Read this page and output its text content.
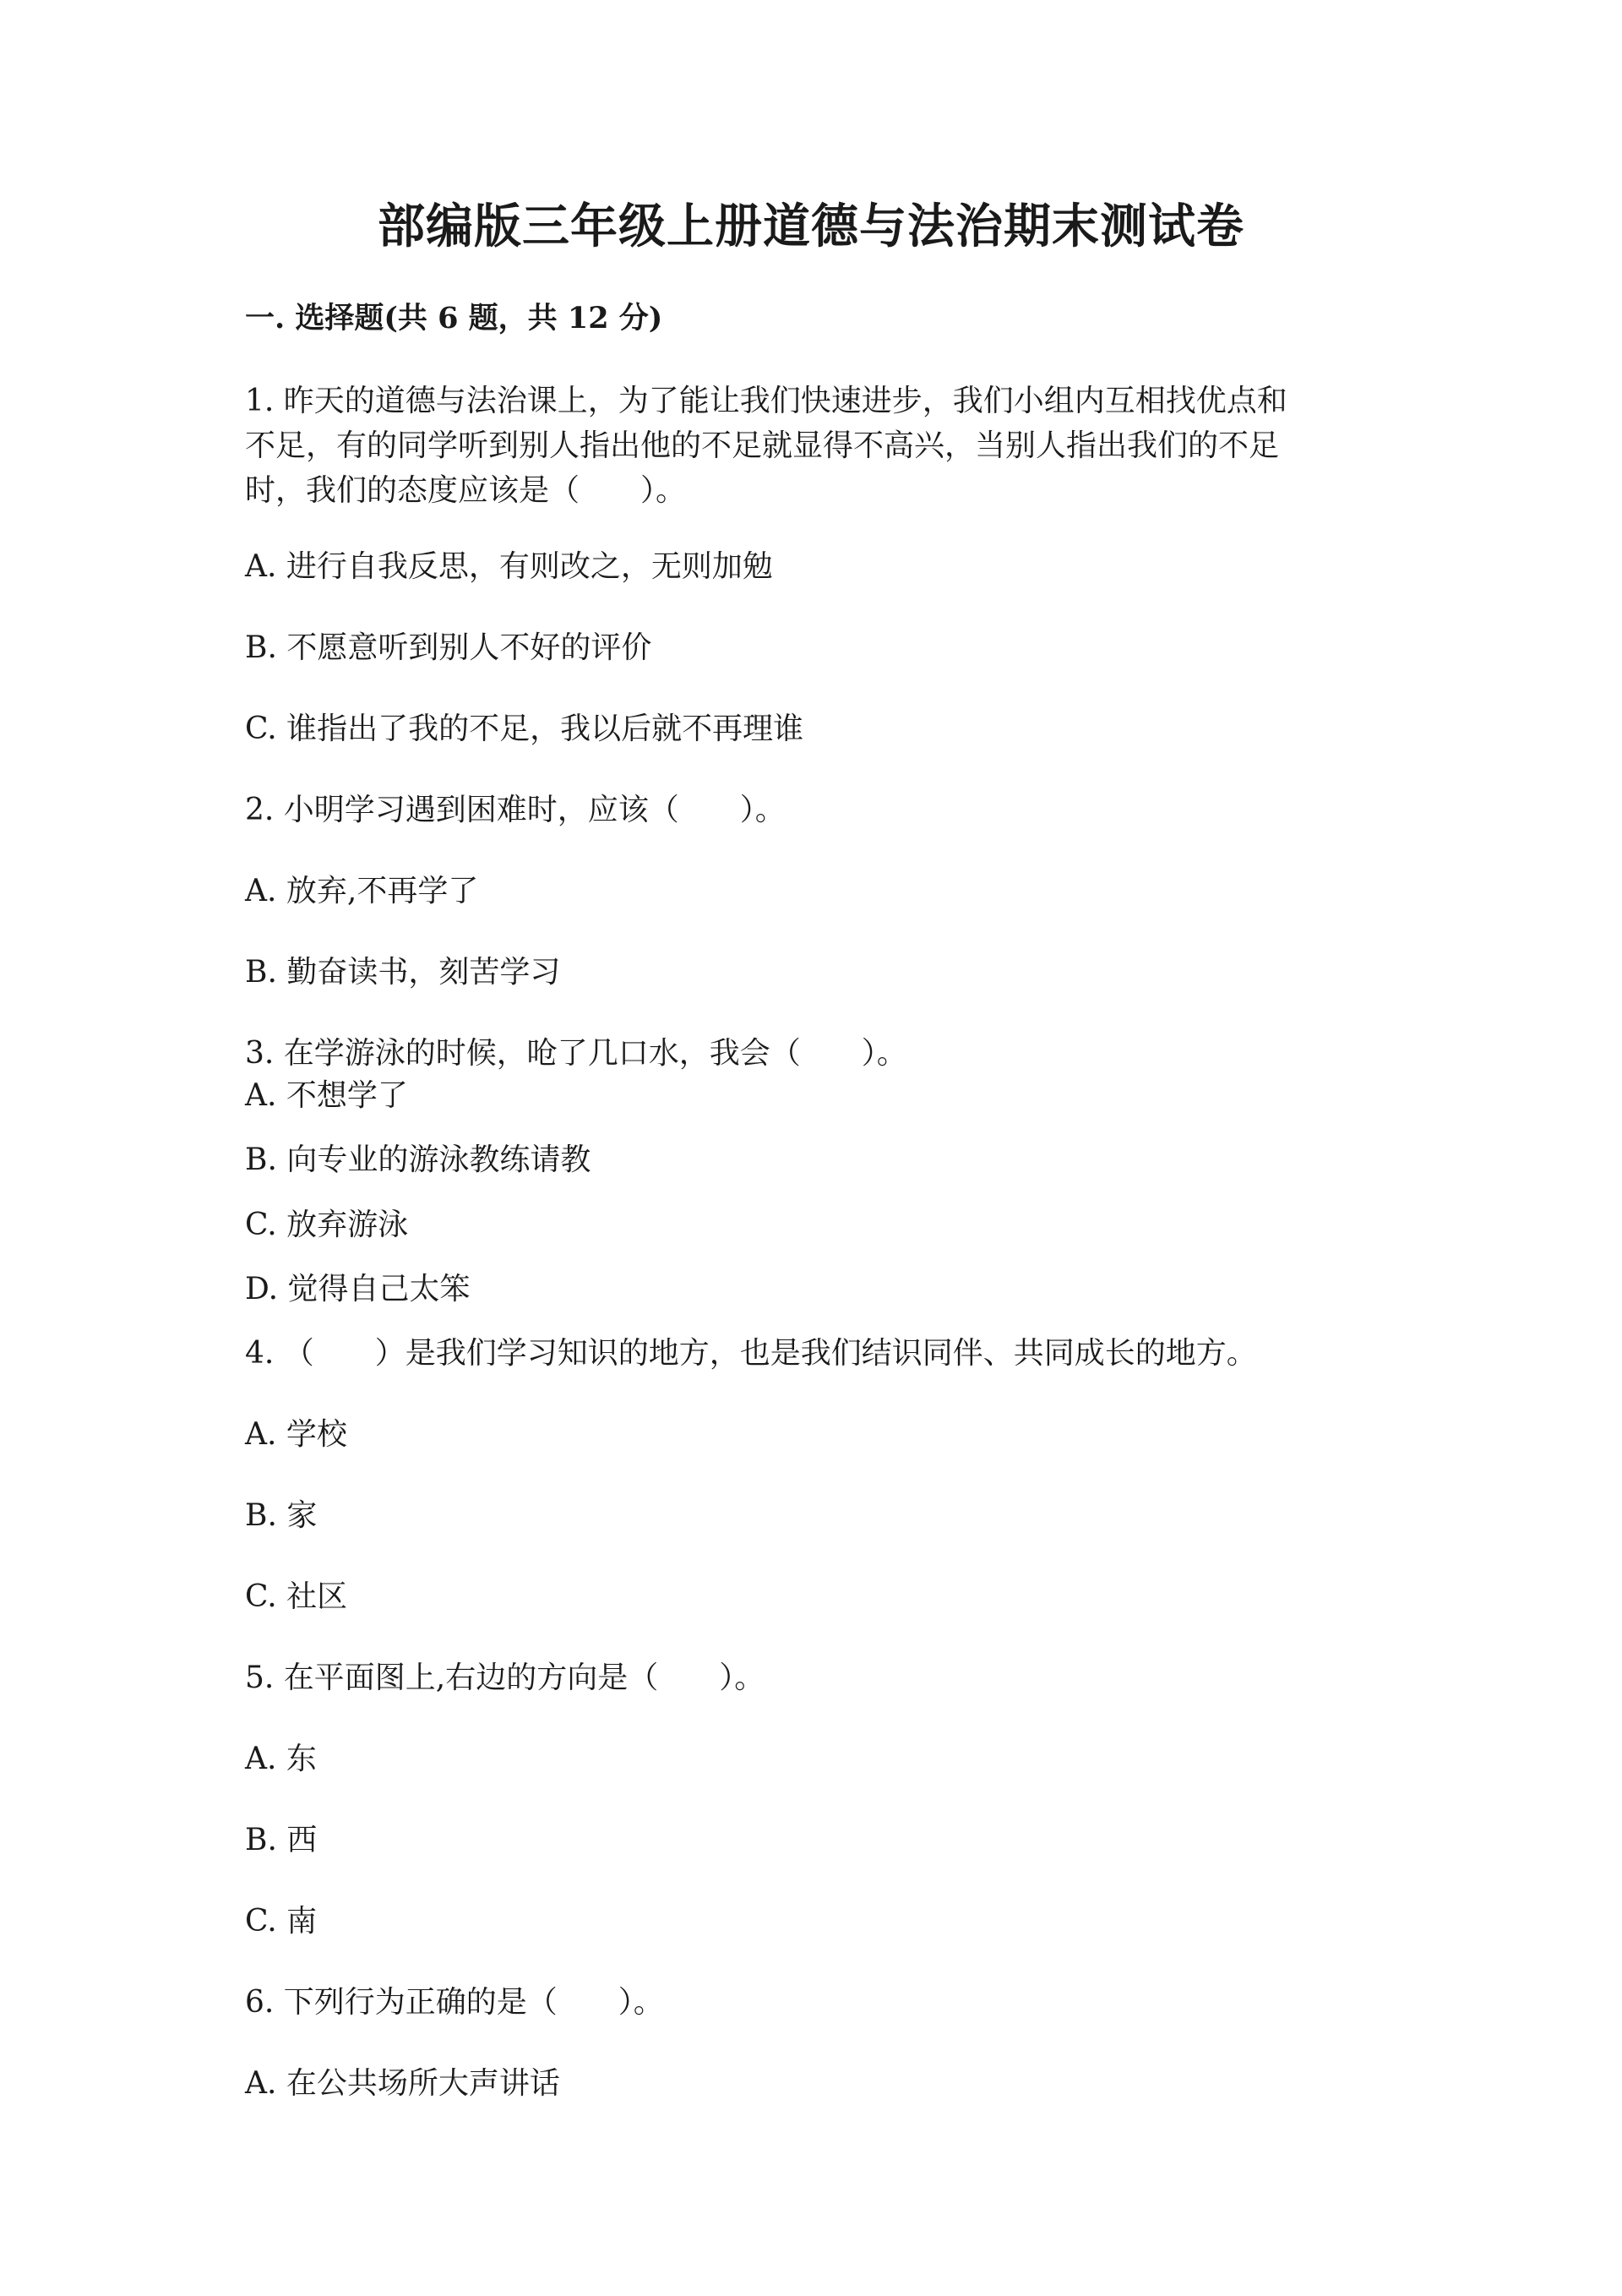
部编版三年级上册道德与法治期末测试卷
一. 选择题(共 6 题，共 12 分)
1. 昨天的道德与法治课上，为了能让我们快速进步，我们小组内互相找优点和
不足，有的同学听到别人指出他的不足就显得不高兴，当别人指出我们的不足
时，我们的态度应该是（　　）。
A. 进行自我反思，有则改之，无则加勉
B. 不愿意听到别人不好的评价
C. 谁指出了我的不足，我以后就不再理谁
2. 小明学习遇到困难时，应该（　　）。
A. 放弃,不再学了
B. 勤奋读书，刻苦学习
3. 在学游泳的时候，呛了几口水，我会（　　）。
A. 不想学了
B. 向专业的游泳教练请教
C. 放弃游泳
D. 觉得自己太笨
4. （　　）是我们学习知识的地方，也是我们结识同伴、共同成长的地方。
A. 学校
B. 家
C. 社区
5. 在平面图上,右边的方向是（　　）。
A. 东
B. 西
C. 南
6. 下列行为正确的是（　　）。
A. 在公共场所大声讲话
